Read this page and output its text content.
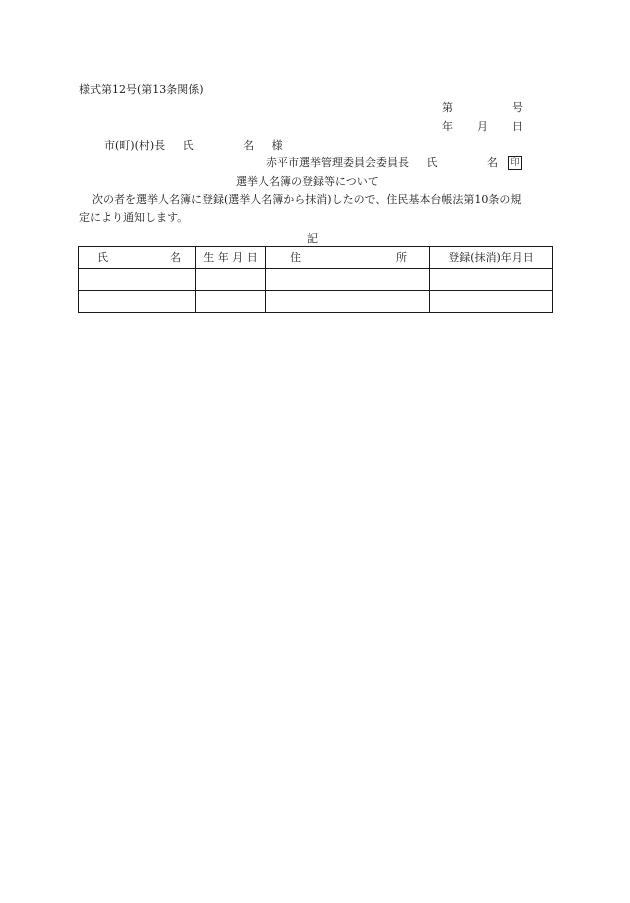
様式第12号(第13条関係)
第	号
年 月 日
市(町)(村)長 氏	名 様
赤平市選挙管理委員会委員長 氏	名 印
選挙人名簿の登録等について
次の者を選挙人名簿に登録(選挙人名簿から抹消)したので、住民基本台帳法第10条の規
定により通知します。
記
氏 名	生 年 月 日	住 所	登録(抹消)年月日
